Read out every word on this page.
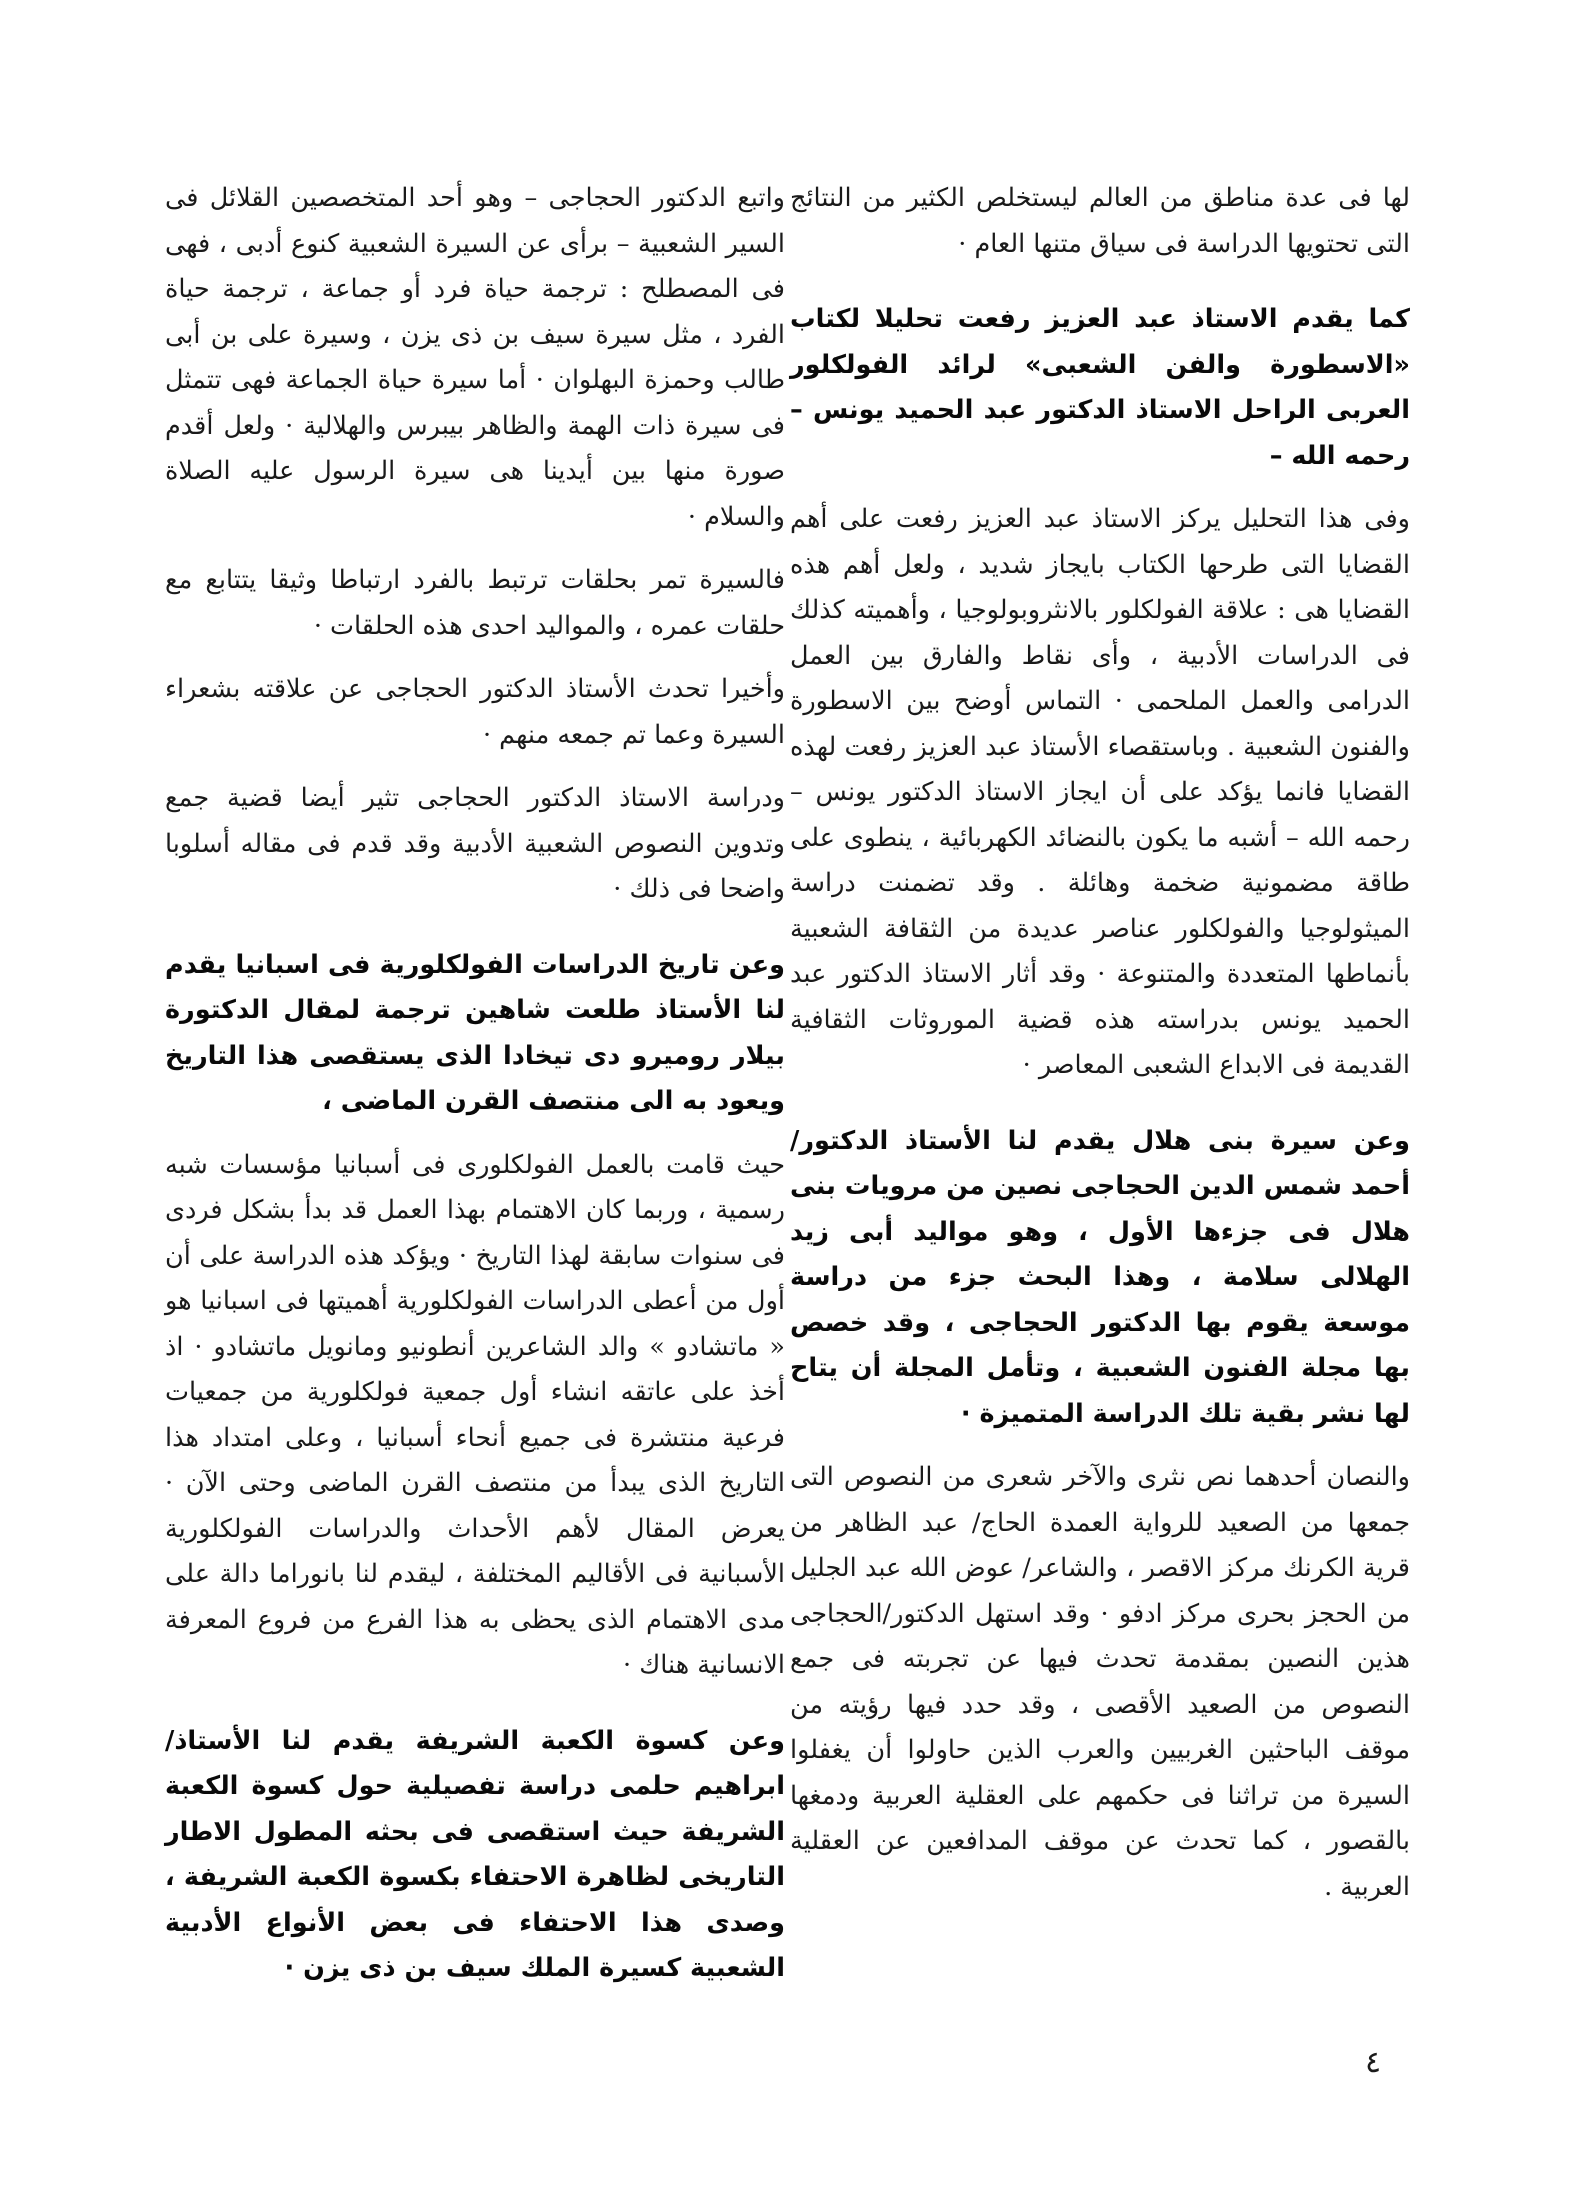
لها فى عدة مناطق من العالم ليستخلص الكثير من النتائج التى تحتويها الدراسة فى سياق متنها العام ·

كما يقدم الاستاذ عبد العزيز رفعت تحليلا لكتاب «الاسطورة والفن الشعبى» لرائد الفولكلور العربى الراحل الاستاذ الدكتور عبد الحميد يونس – رحمه الله –

وفى هذا التحليل يركز الاستاذ عبد العزيز رفعت على أهم القضايا التى طرحها الكتاب بايجاز شديد ، ولعل أهم هذه القضايا هى : علاقة الفولكلور بالانثروبولوجيا ، وأهميته كذلك فى الدراسات الأدبية ، وأى نقاط والفارق بين العمل الدرامى والعمل الملحمى · التماس أوضح بين الاسطورة والفنون الشعبية . وباستقصاء الأستاذ عبد العزيز رفعت لهذه القضايا فانما يؤكد على أن ايجاز الاستاذ الدكتور يونس – رحمه الله – أشبه ما يكون بالنضائد الكهربائية ، ينطوى على طاقة مضمونية ضخمة وهائلة . وقد تضمنت دراسة الميثولوجيا والفولكلور عناصر عديدة من الثقافة الشعبية بأنماطها المتعددة والمتنوعة · وقد أثار الاستاذ الدكتور عبد الحميد يونس بدراسته هذه قضية الموروثات الثقافية القديمة فى الابداع الشعبى المعاصر ·

وعن سيرة بنى هلال يقدم لنا الأستاذ الدكتور/ أحمد شمس الدين الحجاجى نصين من مرويات بنى هلال فى جزءها الأول ، وهو مواليد أبى زيد الهلالى سلامة ، وهذا البحث جزء من دراسة موسعة يقوم بها الدكتور الحجاجى ، وقد خصص بها مجلة الفنون الشعبية ، وتأمل المجلة أن يتاح لها نشر بقية تلك الدراسة المتميزة ·

والنصان أحدهما نص نثرى والآخر شعرى من النصوص التى جمعها من الصعيد للرواية العمدة الحاج/ عبد الظاهر من قرية الكرنك مركز الاقصر ، والشاعر/ عوض الله عبد الجليل من الحجز بحرى مركز ادفو · وقد استهل الدكتور/الحجاجى هذين النصين بمقدمة تحدث فيها عن تجربته فى جمع النصوص من الصعيد الأقصى ، وقد حدد فيها رؤيته من موقف الباحثين الغربيين والعرب الذين حاولوا أن يغفلوا السيرة من تراثنا فى حكمهم على العقلية العربية ودمغها بالقصور ، كما تحدث عن موقف المدافعين عن العقلية العربية .

واتبع الدكتور الحجاجى – وهو أحد المتخصصين القلائل فى السير الشعبية – برأى عن السيرة الشعبية كنوع أدبى ، فهى فى المصطلح : ترجمة حياة فرد أو جماعة ، ترجمة حياة الفرد ، مثل سيرة سيف بن ذى يزن ، وسيرة على بن أبى طالب وحمزة البهلوان · أما سيرة حياة الجماعة فهى تتمثل فى سيرة ذات الهمة والظاهر بيبرس والهلالية · ولعل أقدم صورة منها بين أيدينا هى سيرة الرسول عليه الصلاة والسلام ·

فالسيرة تمر بحلقات ترتبط بالفرد ارتباطا وثيقا يتتابع مع حلقات عمره ، والمواليد احدى هذه الحلقات ·

وأخيرا تحدث الأستاذ الدكتور الحجاجى عن علاقته بشعراء السيرة وعما تم جمعه منهم ·

ودراسة الاستاذ الدكتور الحجاجى تثير أيضا قضية جمع وتدوين النصوص الشعبية الأدبية وقد قدم فى مقاله أسلوبا واضحا فى ذلك ·

وعن تاريخ الدراسات الفولكلورية فى اسبانيا يقدم لنا الأستاذ طلعت شاهين ترجمة لمقال الدكتورة بيلار روميرو دى تيخادا الذى يستقصى هذا التاريخ ويعود به الى منتصف القرن الماضى ،

حيث قامت بالعمل الفولكلورى فى أسبانيا مؤسسات شبه رسمية ، وربما كان الاهتمام بهذا العمل قد بدأ بشكل فردى فى سنوات سابقة لهذا التاريخ · ويؤكد هذه الدراسة على أن أول من أعطى الدراسات الفولكلورية أهميتها فى اسبانيا هو « ماتشادو » والد الشاعرين أنطونيو ومانويل ماتشادو · اذ أخذ على عاتقه انشاء أول جمعية فولكلورية من جمعيات فرعية منتشرة فى جميع أنحاء أسبانيا ، وعلى امتداد هذا التاريخ الذى يبدأ من منتصف القرن الماضى وحتى الآن · يعرض المقال لأهم الأحداث والدراسات الفولكلورية الأسبانية فى الأقاليم المختلفة ، ليقدم لنا بانوراما دالة على مدى الاهتمام الذى يحظى به هذا الفرع من فروع المعرفة الانسانية هناك ·

وعن كسوة الكعبة الشريفة يقدم لنا الأستاذ/ ابراهيم حلمى دراسة تفصيلية حول كسوة الكعبة الشريفة حيث استقصى فى بحثه المطول الاطار التاريخى لظاهرة الاحتفاء بكسوة الكعبة الشريفة ، وصدى هذا الاحتفاء فى بعض الأنواع الأدبية الشعبية كسيرة الملك سيف بن ذى يزن ·

٤
